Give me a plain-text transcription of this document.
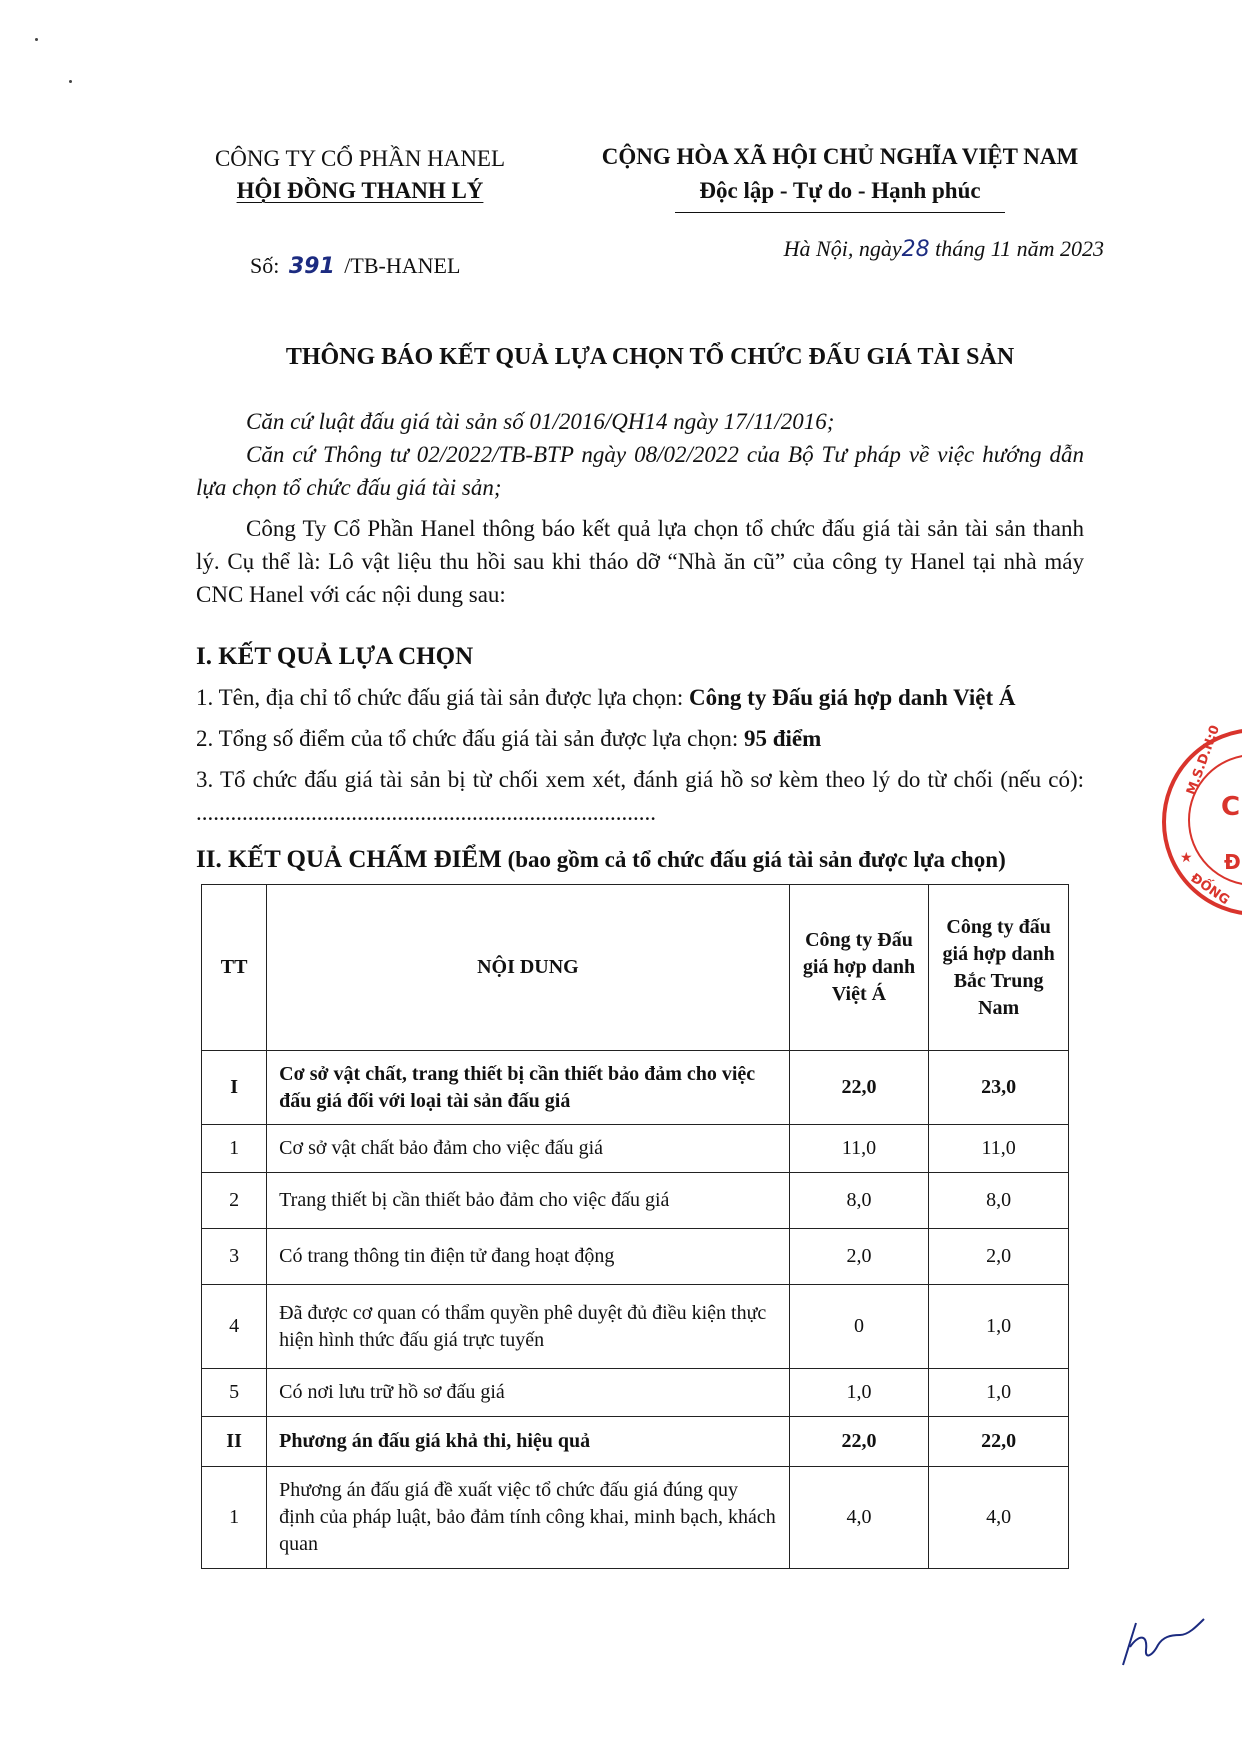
CÔNG TY CỔ PHẦN HANEL
HỘI ĐỒNG THANH LÝ
CỘNG HÒA XÃ HỘI CHỦ NGHĨA VIỆT NAM
Độc lập - Tự do - Hạnh phúc
Số: 391 /TB-HANEL
Hà Nội, ngày28 tháng 11 năm 2023
THÔNG BÁO KẾT QUẢ LỰA CHỌN TỔ CHỨC ĐẤU GIÁ TÀI SẢN

Căn cứ luật đấu giá tài sản số 01/2016/QH14 ngày 17/11/2016;

Căn cứ Thông tư 02/2022/TB-BTP ngày 08/02/2022 của Bộ Tư pháp về việc hướng dẫn lựa chọn tổ chức đấu giá tài sản;

Công Ty Cổ Phần Hanel thông báo kết quả lựa chọn tổ chức đấu giá tài sản tài sản thanh lý. Cụ thể là: Lô vật liệu thu hồi sau khi tháo dỡ “Nhà ăn cũ” của công ty Hanel tại nhà máy CNC Hanel với các nội dung sau:

I. KẾT QUẢ LỰA CHỌN

1. Tên, địa chỉ tổ chức đấu giá tài sản được lựa chọn: Công ty Đấu giá hợp danh Việt Á

2. Tổng số điểm của tổ chức đấu giá tài sản được lựa chọn: 95 điểm

3. Tổ chức đấu giá tài sản bị từ chối xem xét, đánh giá hồ sơ kèm theo lý do từ chối (nếu có): ................................................................................

II. KẾT QUẢ CHẤM ĐIỂM (bao gồm cả tổ chức đấu giá tài sản được lựa chọn)

TT	NỘI DUNG	Công ty Đấu giá hợp danh Việt Á	Công ty đấu giá hợp danh Bắc Trung Nam
I	Cơ sở vật chất, trang thiết bị cần thiết bảo đảm cho việc đấu giá đối với loại tài sản đấu giá	22,0	23,0
1	Cơ sở vật chất bảo đảm cho việc đấu giá	11,0	11,0
2	Trang thiết bị cần thiết bảo đảm cho việc đấu giá	8,0	8,0
3	Có trang thông tin điện tử đang hoạt động	2,0	2,0
4	Đã được cơ quan có thẩm quyền phê duyệt đủ điều kiện thực hiện hình thức đấu giá trực tuyến	0	1,0
5	Có nơi lưu trữ hồ sơ đấu giá	1,0	1,0
II	Phương án đấu giá khả thi, hiệu quả	22,0	22,0
1	Phương án đấu giá đề xuất việc tổ chức đấu giá đúng quy định của pháp luật, bảo đảm tính công khai, minh bạch, khách quan	4,0	4,0
M.S.D.N:0
C
Đ
ĐỐNG
★
